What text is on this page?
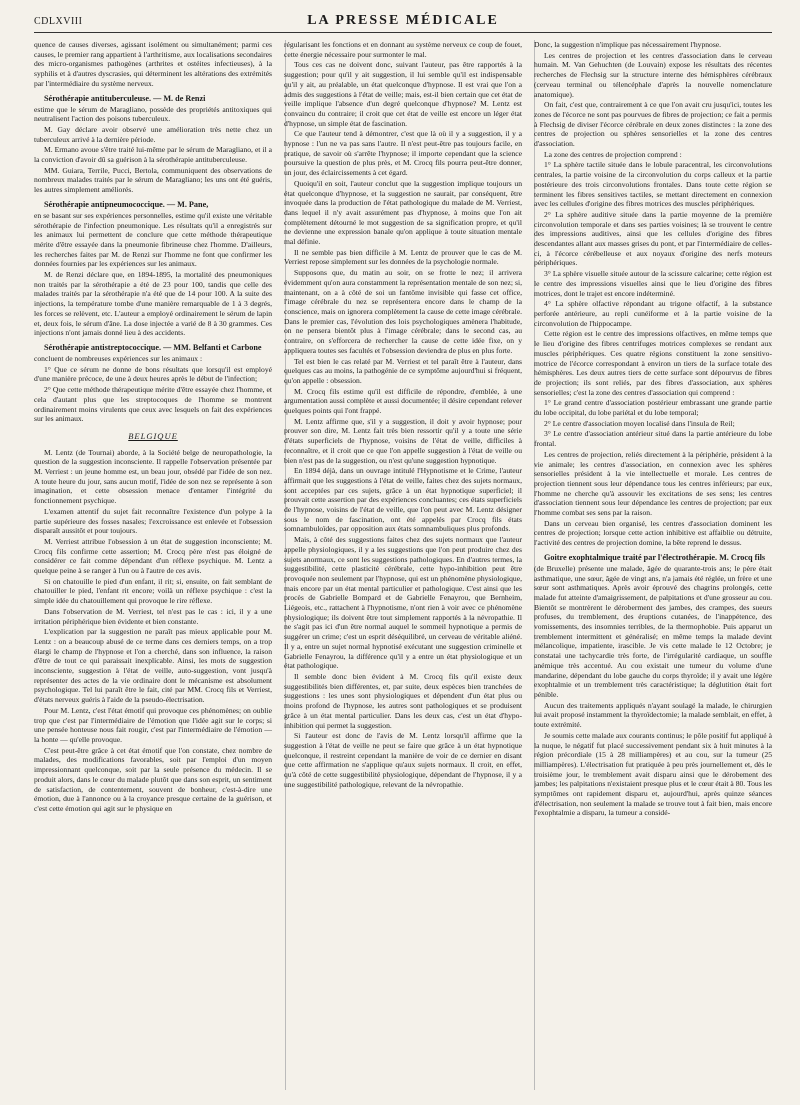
CDLXVIII	LA PRESSE MÉDICALE

quence de causes diverses, agissant isolément ou simultanément; parmi ces causes, le premier rang appartient à l'arthritisme, aux localisations secondaires des micro-organismes pathogènes (arthrites et ostéites infectieuses), à la syphilis et à d'autres dyscrasies, qui déterminent les altérations des extrémités par l'intermédiaire du système nerveux.

Sérothérapie antituberculeuse. — M. de Renzi

estime que le sérum de Maragliano, possède des propriétés antitoxiques qui neutralisent l'action des poisons tuberculeux.

M. Gay déclare avoir observé une amélioration très nette chez un tuberculeux arrivé à la dernière période.

M. Ermano avoue s'être traité lui-même par le sérum de Maragliano, et il a la conviction d'avoir dû sa guérison à la sérothérapie antituberculeuse.

MM. Guiara, Terrile, Pucci, Bertola, communiquent des observations de nombreux malades traités par le sérum de Maragliano; les uns ont été guéris, les autres simplement améliorés.

Sérothérapie antipneumococcique. — M. Pane,

en se basant sur ses expériences personnelles, estime qu'il existe une véritable sérothérapie de l'infection pneumonique. Les résultats qu'il a enregistrés sur les animaux lui permettent de conclure que cette méthode thérapeutique mérite d'être essayée dans la pneumonie fibrineuse chez l'homme. D'ailleurs, les recherches faites par M. de Renzi sur l'homme ne font que confirmer les données fournies par les expériences sur les animaux.

M. de Renzi déclare que, en 1894-1895, la mortalité des pneumoniques non traités par la sérothérapie a été de 23 pour 100, tandis que celle des malades traités par la sérothérapie n'a été que de 14 pour 100. A la suite des injections, la température tombe d'une manière remarquable de 1 à 3 degrés, les forces se relèvent, etc. L'auteur a employé ordinairement le sérum de lapin et, deux fois, le sérum d'âne. La dose injectée a varié de 8 à 30 grammes. Ces injections n'ont jamais donné lieu à des accidents.

Sérothérapie antistreptococcique. — MM. Belfanti et Carbone

concluent de nombreuses expériences sur les animaux :

1° Que ce sérum ne donne de bons résultats que lorsqu'il est employé d'une manière précoce, de une à deux heures après le début de l'infection;

2° Que cette méthode thérapeutique mérite d'être essayée chez l'homme, et cela d'autant plus que les streptocoques de l'homme se montrent ordinairement moins virulents que ceux avec lesquels on fait des expériences sur les animaux.

BELGIQUE

M. Lentz (de Tournai) aborde, à la Société belge de neuropathologie, la question de la suggestion inconsciente. Il rappelle l'observation présentée par M. Verriest : un jeune homme est, un beau jour, obsédé par l'idée de son nez. A toute heure du jour, sans aucun motif, l'idée de son nez se représente à son imagination, et cette obsession menace d'entamer l'intégrité du fonctionnement psychique.

L'examen attentif du sujet fait reconnaître l'existence d'un polype à la partie supérieure des fosses nasales; l'excroissance est enlevée et l'obsession disparaît aussitôt et pour toujours.

M. Verriest attribue l'obsession à un état de suggestion inconsciente; M. Crocq fils confirme cette assertion; M. Crocq père n'est pas éloigné de considérer ce fait comme dépendant d'un réflexe psychique. M. Lentz a quelque peine à se ranger à l'un ou à l'autre de ces avis.

Si on chatouille le pied d'un enfant, il rit; si, ensuite, on fait semblant de chatouiller le pied, l'enfant rit encore; voilà un réflexe psychique : c'est la simple idée du chatouillement qui provoque le rire réflexe.

Dans l'observation de M. Verriest, tel n'est pas le cas : ici, il y a une irritation périphérique bien évidente et bien constante.

L'explication par la suggestion ne paraît pas mieux applicable pour M. Lentz : on a beaucoup abusé de ce terme dans ces derniers temps, on a trop élargi le champ de l'hypnose et l'on a cherché, dans son influence, la raison d'être de tout ce qui paraissait inexplicable. Ainsi, les mots de suggestion inconsciente, suggestion à l'état de veille, auto-suggestion, vont jusqu'à représenter des actes de la vie ordinaire dont le mécanisme est absolument psychologique. Tel lui paraît être le fait, cité par MM. Crocq fils et Verriest, d'états nerveux guéris à l'aide de la pseudo-électrisation.

Pour M. Lentz, c'est l'état émotif qui provoque ces phénomènes; on oublie trop que c'est par l'intermédiaire de l'émotion que l'idée agit sur le corps; si une pensée honteuse nous fait rougir, c'est par l'intermédiaire de l'émotion — la honte — qu'elle provoque.

C'est peut-être grâce à cet état émotif que l'on constate, chez nombre de malades, des modifications favorables, soit par l'emploi d'un moyen impressionnant quelconque, soit par la seule présence du médecin. Il se produit alors, dans le cœur du malade plutôt que dans son esprit, un sentiment de satisfaction, de contentement, souvent de bonheur, c'est-à-dire une émotion, due à l'annonce ou à la croyance presque certaine de la guérison, et c'est cette émotion qui agit sur le physique en

régularisant les fonctions et en donnant au système nerveux ce coup de fouet, cette énergie nécessaire pour surmonter le mal.

Tous ces cas ne doivent donc, suivant l'auteur, pas être rapportés à la suggestion; pour qu'il y ait suggestion, il lui semble qu'il est indispensable qu'il y ait, au préalable, un état quelconque d'hypnose. Il est vrai que l'on a admis des suggestions à l'état de veille; mais, est-il bien certain que cet état de veille implique l'absence d'un degré quelconque d'hypnose? M. Lentz est convaincu du contraire; il croit que cet état de veille est encore un léger état d'hypnose, un simple état de fascination.

Ce que l'auteur tend à démontrer, c'est que là où il y a suggestion, il y a hypnose : l'un ne va pas sans l'autre. Il n'est peut-être pas toujours facile, en pratique, de savoir où s'arrête l'hypnose; il importe cependant que la science poursuive la question de plus près, et M. Crocq fils pourra peut-être donner, un jour, des éclaircissements à cet égard.

Quoiqu'il en soit, l'auteur conclut que la suggestion implique toujours un état quelconque d'hypnose, et la suggestion ne saurait, par conséquent, être invoquée dans la production de l'état pathologique du malade de M. Verriest, dans lequel il n'y avait assurément pas d'hypnose, à moins que l'on ait complètement détourné le mot suggestion de sa signification propre, et qu'il ne devienne une expression banale qu'on applique à toute situation mentale mal définie.

Il ne semble pas bien difficile à M. Lentz de prouver que le cas de M. Verriest repose simplement sur les données de la psychologie normale.

Supposons que, du matin au soir, on se frotte le nez; il arrivera évidemment qu'on aura constamment la représentation mentale de son nez; si, maintenant, on a à côté de soi un fantôme invisible qui fasse cet office, l'image cérébrale du nez se représentera encore dans le champ de la conscience, mais on ignorera complètement la cause de cette image cérébrale. Dans le premier cas, l'évolution des lois psychologiques amènera l'habitude, on ne pensera bientôt plus à l'image cérébrale; dans le second cas, au contraire, on s'efforcera de rechercher la cause de cette idée fixe, on y appliquera toutes ses facultés et l'obsession deviendra de plus en plus forte.

Tel est bien le cas relaté par M. Verriest et tel paraît être à l'auteur, dans quelques cas au moins, la pathogénie de ce symptôme aujourd'hui si fréquent, qu'on appelle : obsession.

M. Crocq fils estime qu'il est difficile de répondre, d'emblée, à une argumentation aussi complète et aussi documentée; il désire cependant relever quelques points qui l'ont frappé.

M. Lentz affirme que, s'il y a suggestion, il doit y avoir hypnose; pour prouver son dire, M. Lentz fait très bien ressortir qu'il y a toute une série d'états superficiels de l'hypnose, voisins de l'état de veille, difficiles à reconnaître, et il croit que ce que l'on appelle suggestion à l'état de veille ou bien n'est pas de la suggestion, ou n'est qu'une suggestion hypnotique.

En 1894 déjà, dans un ouvrage intitulé l'Hypnotisme et le Crime, l'auteur affirmait que les suggestions à l'état de veille, faites chez des sujets normaux, sont acceptées par ces sujets, grâce à un état hypnotique superficiel; il prouvait cette assertion par des expériences concluantes; ces états superficiels de l'hypnose, voisins de l'état de veille, que l'on peut avec M. Lentz désigner sous le nom de fascination, ont été appelés par Crocq fils états somnambuloïdes, par opposition aux états somnambuliques plus profonds.

Mais, à côté des suggestions faites chez des sujets normaux que l'auteur appelle physiologiques, il y a les suggestions que l'on peut produire chez des sujets anormaux, ce sont les suggestions pathologiques. En d'autres termes, la suggestibilité, cette plasticité cérébrale, cette hypo-inhibition peut être provoquée non seulement par l'hypnose, qui est un phénomène physiologique, mais encore par un état mental particulier et pathologique. C'est ainsi que les procès de Gabrielle Bompard et de Gabrielle Fenayrou, que Bernheim, Liégeois, etc., rattachent à l'hypnotisme, n'ont rien à voir avec ce phénomène physiologique; ils doivent être tout simplement rapportés à la névropathie. Il ne s'agit pas ici d'un être normal auquel le sommeil hypnotique a permis de suggérer un crime; c'est un esprit déséquilibré, un cerveau de véritable aliéné. Il y a, entre un sujet normal hypnotisé exécutant une suggestion criminelle et Gabrielle Fenayrou, la différence qu'il y a entre un état physiologique et un état pathologique.

Il semble donc bien évident à M. Crocq fils qu'il existe deux suggestibilités bien différentes, et, par suite, deux espèces bien tranchées de suggestions : les unes sont physiologiques et dépendent d'un état plus ou moins profond de l'hypnose, les autres sont pathologiques et se produisent grâce à un état mental particulier. Dans les deux cas, c'est un état d'hypo-inhibition qui permet la suggestion.

Si l'auteur est donc de l'avis de M. Lentz lorsqu'il affirme que la suggestion à l'état de veille ne peut se faire que grâce à un état hypnotique quelconque, il restreint cependant la manière de voir de ce dernier en disant que cette affirmation ne s'applique qu'aux sujets normaux. Il croit, en effet, qu'à côté de cette suggestibilité physiologique, dépendant de l'hypnose, il y a une suggestibilité pathologique, relevant de la névropathie.

Donc, la suggestion n'implique pas nécessairement l'hypnose.

Les centres de projection et les centres d'association dans le cerveau humain. M. Van Gehuchten (de Louvain) expose les résultats des récentes recherches de Flechsig sur la structure interne des hémisphères cérébraux (cerveau terminal ou télencéphale d'après la nouvelle nomenclature anatomique).

On fait, c'est que, contrairement à ce que l'on avait cru jusqu'ici, toutes les zones de l'écorce ne sont pas pourvues de fibres de projection; ce fait a permis à Flechsig de diviser l'écorce cérébrale en deux zones distinctes : la zone des centres de projection ou sphères sensorielles et la zone des centres d'association.

La zone des centres de projection comprend :

1° La sphère tactile située dans le lobule paracentral, les circonvolutions centrales, la partie voisine de la circonvolution du corps calleux et la partie postérieure des trois circonvolutions frontales. Dans toute cette région se terminent les fibres sensitives tactiles, se mettant directement en connexion avec les cellules d'origine des fibres motrices des muscles périphériques.

2° La sphère auditive située dans la partie moyenne de la première circonvolution temporale et dans ses parties voisines; là se trouvent le centre des impressions auditives, ainsi que les cellules d'origine des fibres descendantes allant aux masses grises du pont, et par l'intermédiaire de celles-ci, à l'écorce cérébelleuse et aux noyaux d'origine des nerfs moteurs périphériques.

3° La sphère visuelle située autour de la scissure calcarine; cette région est le centre des impressions visuelles ainsi que le lieu d'origine des fibres motrices, dont le trajet est encore indéterminé.

4° La sphère olfactive répondant au trigone olfactif, à la substance perforée antérieure, au repli cunéiforme et à la partie voisine de la circonvolution de l'hippocampe.

Cette région est le centre des impressions olfactives, en même temps que le lieu d'origine des fibres centrifuges motrices complexes se rendant aux muscles périphériques. Ces quatre régions constituent la zone sensitivo-motrice de l'écorce correspondant à environ un tiers de la surface totale des hémisphères. Les deux autres tiers de cette surface sont dépourvus de fibres de projection; ils sont reliés, par des fibres d'association, aux sphères sensorielles; c'est la zone des centres d'association qui comprend :

1° Le grand centre d'association postérieur embrassant une grande partie du lobe occipital, du lobe pariétal et du lobe temporal;

2° Le centre d'association moyen localisé dans l'insula de Reil;

3° Le centre d'association antérieur situé dans la partie antérieure du lobe frontal.

Les centres de projection, reliés directement à la périphérie, président à la vie animale; les centres d'association, en connexion avec les sphères sensorielles président à la vie intellectuelle et morale. Les centres de projection tiennent sous leur dépendance tous les centres inférieurs; par eux, l'homme ne cherche qu'à assouvir les excitations de ses sens; les centres d'association tiennent sous leur dépendance les centres de projection; par eux l'homme combat ses sens par la raison.

Dans un cerveau bien organisé, les centres d'association dominent les centres de projection; lorsque cette action inhibitive est affaiblie ou détruite, l'activité des centres de projection domine, la bête reprend le dessus.

Goitre exophtalmique traité par l'électrothérapie. M. Crocq fils

(de Bruxelle) présente une malade, âgée de quarante-trois ans; le père était asthmatique, une sœur, âgée de vingt ans, n'a jamais été réglée, un frère et une sœur sont asthmatiques. Après avoir éprouvé des chagrins prolongés, cette malade fut atteinte d'amaigrissement, de palpitations et d'une grosseur au cou. Bientôt se montrèrent le déroberment des jambes, des crampes, des sueurs profuses, du tremblement, des éruptions cutanées, de l'inappétence, des vomissements, des insomnies terribles, de la thermophobie. Puis apparut un tremblement intermittent et généralisé; en même temps la malade devint mélancolique, impatiente, irascible. Je vis cette malade le 12 Octobre; je constatai une tachycardie très forte, de l'irrégularité cardiaque, un souffle anémique très accentué. Au cou existait une tumeur du volume d'une mandarine, dépendant du lobe gauche du corps thyroïde; il y avait une légère exophtalmie et un tremblement très caractéristique; la déglutition était fort pénible.

Aucun des traitements appliqués n'ayant soulagé la malade, le chirurgien lui avait proposé instamment la thyroïdectomie; la malade semblait, en effet, à toute extrémité.

Je soumis cette malade aux courants continus; le pôle positif fut appliqué à la nuque, le négatif fut placé successivement pendant six à huit minutes à la région précordiale (15 à 28 milliampères) et au cou, sur la tumeur (25 milliampères). L'électrisation fut pratiquée à peu près journellement et, dès le troisième jour, le tremblement avait disparu ainsi que le dérobement des jambes; les palpitations n'existaient presque plus et le cœur était à 80. Tous les symptômes ont rapidement disparu et, aujourd'hui, après quinze séances d'électrisation, non seulement la malade se trouve tout à fait bien, mais encore l'exophtalmie a disparu, la tumeur a considé-
